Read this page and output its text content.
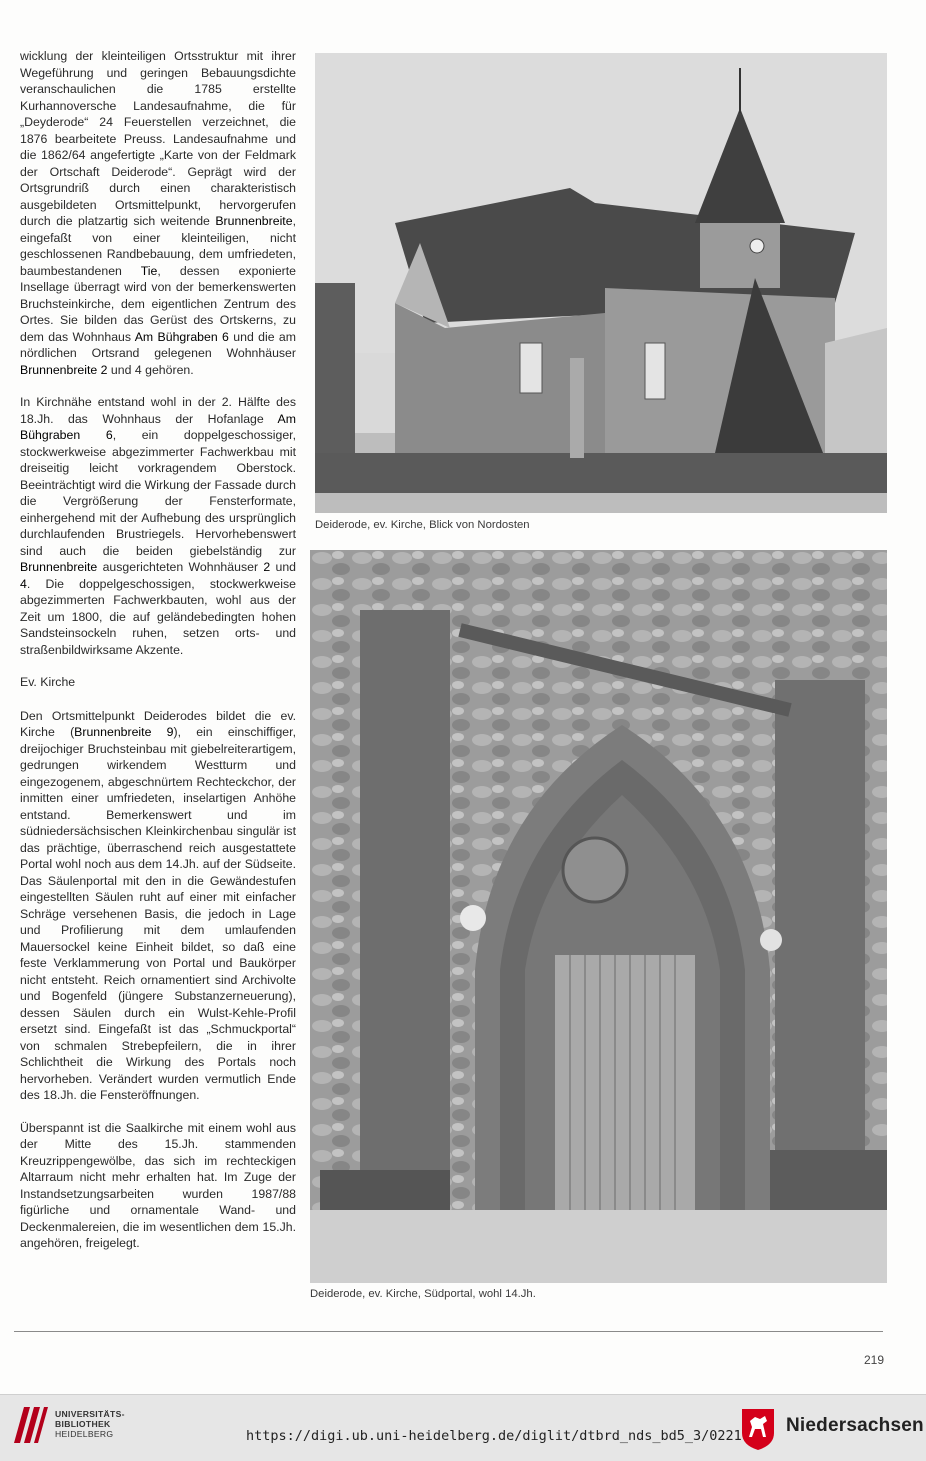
wicklung der kleinteiligen Ortsstruktur mit ihrer Wegeführung und geringen Bebauungsdichte veranschaulichen die 1785 erstellte Kurhannoversche Landesaufnahme, die für „Deyderode“ 24 Feuerstellen verzeichnet, die 1876 bearbeitete Preuss. Landesaufnahme und die 1862/64 angefertigte „Karte von der Feldmark der Ortschaft Deiderode“. Geprägt wird der Ortsgrundriß durch einen charakteristisch ausgebildeten Ortsmittelpunkt, hervorgerufen durch die platzartig sich weitende Brunnenbreite, eingefaßt von einer kleinteiligen, nicht geschlossenen Randbebauung, dem umfriedeten, baumbestandenen Tie, dessen exponierte Insellage überragt wird von der bemerkenswerten Bruchsteinkirche, dem eigentlichen Zentrum des Ortes. Sie bilden das Gerüst des Ortskerns, zu dem das Wohnhaus Am Bühgraben 6 und die am nördlichen Ortsrand gelegenen Wohnhäuser Brunnenbreite 2 und 4 gehören.

In Kirchnähe entstand wohl in der 2. Hälfte des 18.Jh. das Wohnhaus der Hofanlage Am Bühgraben 6, ein doppelgeschossiger, stockwerkweise abgezimmerter Fachwerkbau mit dreiseitig leicht vorkragendem Oberstock. Beeinträchtigt wird die Wirkung der Fassade durch die Vergrößerung der Fensterformate, einhergehend mit der Aufhebung des ursprünglich durchlaufenden Brustriegels. Hervorhebenswert sind auch die beiden giebelständig zur Brunnenbreite ausgerichteten Wohnhäuser 2 und 4. Die doppelgeschossigen, stockwerkweise abgezimmerten Fachwerkbauten, wohl aus der Zeit um 1800, die auf geländebedingten hohen Sandsteinsockeln ruhen, setzen orts- und straßenbildwirksame Akzente.

Ev. Kirche

Den Ortsmittelpunkt Deiderodes bildet die ev. Kirche (Brunnenbreite 9), ein einschiffiger, dreijochiger Bruchsteinbau mit giebelreiterartigem, gedrungen wirkendem Westturm und eingezogenem, abgeschnürtem Rechteckchor, der inmitten einer umfriedeten, inselartigen Anhöhe entstand. Bemerkenswert und im südniedersächsischen Kleinkirchenbau singulär ist das prächtige, überraschend reich ausgestattete Portal wohl noch aus dem 14.Jh. auf der Südseite. Das Säulenportal mit den in die Gewändestufen eingestellten Säulen ruht auf einer mit einfacher Schräge versehenen Basis, die jedoch in Lage und Profilierung mit dem umlaufenden Mauersockel keine Einheit bildet, so daß eine feste Verklammerung von Portal und Baukörper nicht entsteht. Reich ornamentiert sind Archivolte und Bogenfeld (jüngere Substanzerneuerung), dessen Säulen durch ein Wulst-Kehle-Profil ersetzt sind. Eingefaßt ist das „Schmuckportal“ von schmalen Strebepfeilern, die in ihrer Schlichtheit die Wirkung des Portals noch hervorheben. Verändert wurden vermutlich Ende des 18.Jh. die Fensteröffnungen.

Überspannt ist die Saalkirche mit einem wohl aus der Mitte des 15.Jh. stammenden Kreuzrippengewölbe, das sich im rechteckigen Altarraum nicht mehr erhalten hat. Im Zuge der Instandsetzungsarbeiten wurden 1987/88 figürliche und ornamentale Wand- und Deckenmalereien, die im wesentlichen dem 15.Jh. angehören, freigelegt.

Deiderode, ev. Kirche, Blick von Nordosten
Deiderode, ev. Kirche, Südportal, wohl 14.Jh.
219
UNIVERSITÄTS-
BIBLIOTHEK
HEIDELBERG	https://digi.ub.uni-heidelberg.de/diglit/dtbrd_nds_bd5_3/0221 Niedersachsen
